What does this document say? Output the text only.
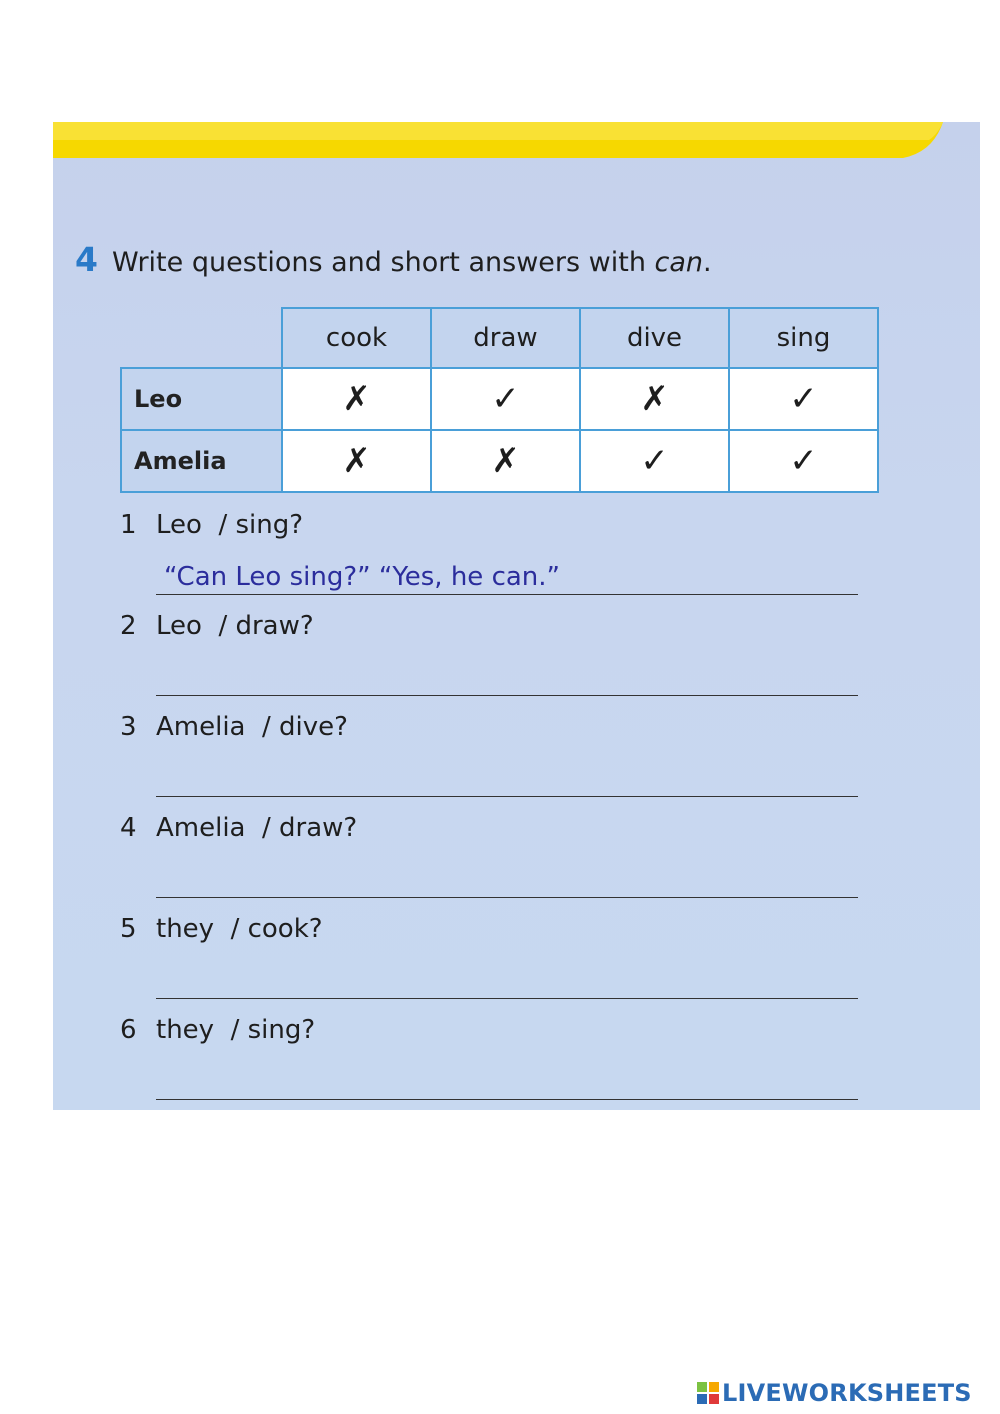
4 Write questions and short answers with can.
	cook	draw	dive	sing
Leo	✗	✓	✗	✓
Amelia	✗	✗	✓	✓
1 Leo  / sing?
“Can Leo sing?” “Yes, he can.”
2 Leo  / draw?
3 Amelia  / dive?
4 Amelia  / draw?
5 they  / cook?
6 they  / sing?
LIVEWORKSHEETS
